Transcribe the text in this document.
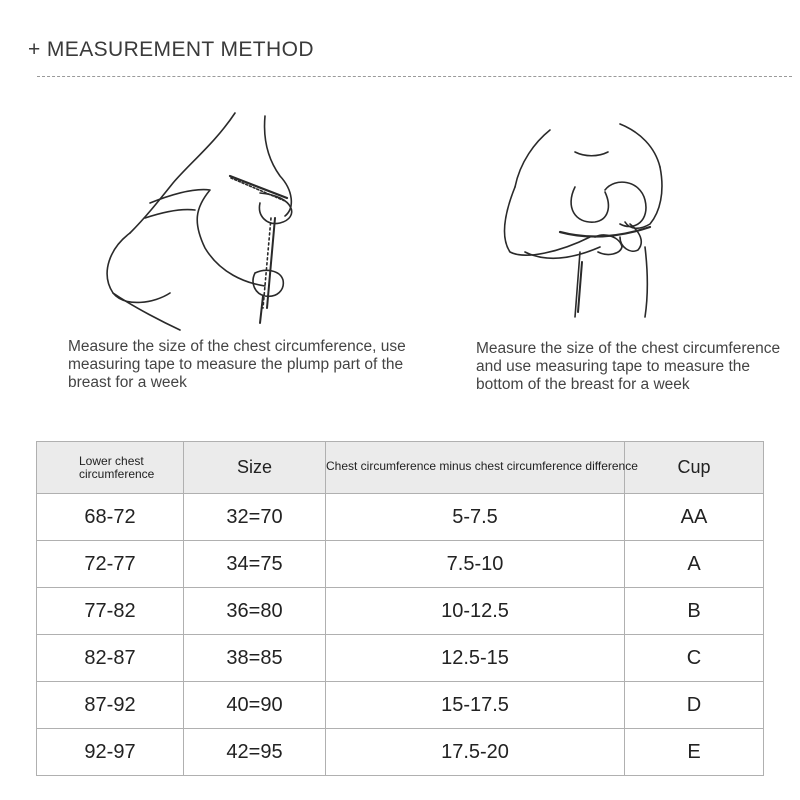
+ MEASUREMENT METHOD
Measure the size of the chest circumference, use measuring tape to measure the plump part of the breast for a week
Measure the size of the chest circumference and use measuring tape to measure the bottom of the breast for a week
Lower chest circumference	Size	Chest circumference minus chest circumference difference	Cup
68-72	32=70	5-7.5	AA
72-77	34=75	7.5-10	A
77-82	36=80	10-12.5	B
82-87	38=85	12.5-15	C
87-92	40=90	15-17.5	D
92-97	42=95	17.5-20	E
